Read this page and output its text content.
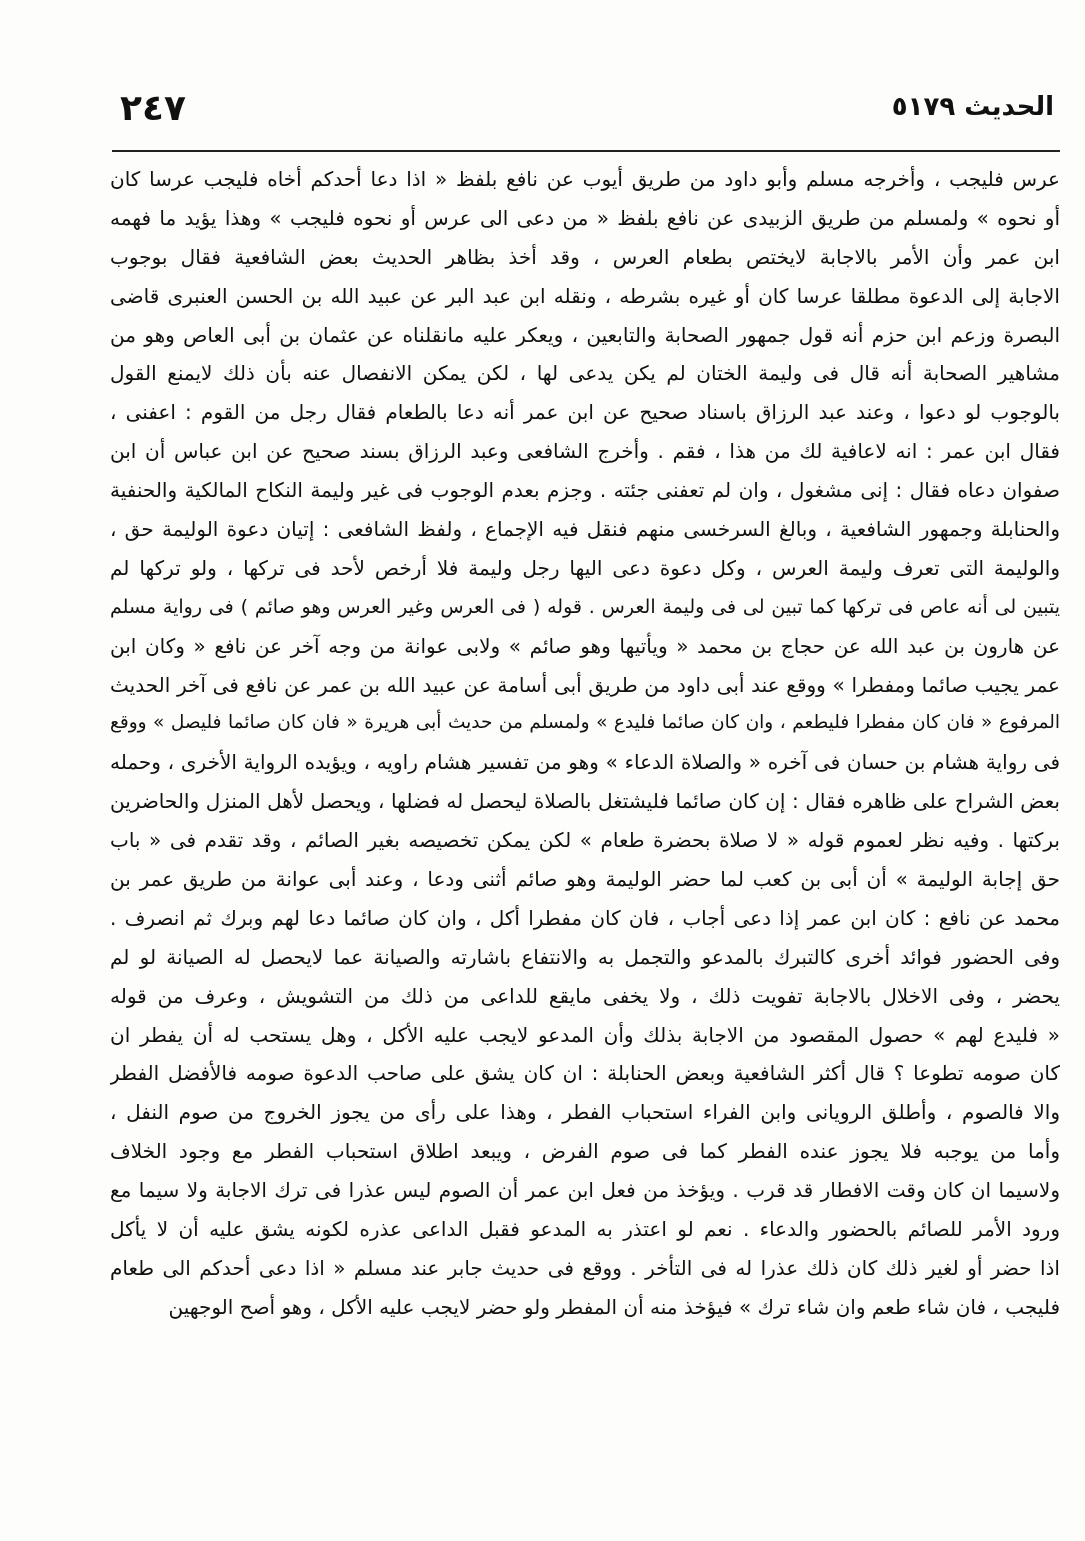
الحديث ٥١٧٩
٢٤٧
عرس فليجب ، وأخرجه مسلم وأبو داود من طريق أيوب عن نافع بلفظ « اذا دعا أحدكم أخاه فليجب عرسا كان
أو نحوه » ولمسلم من طريق الزبيدى عن نافع بلفظ « من دعى الى عرس أو نحوه فليجب » وهذا يؤيد ما فهمه
ابن عمر وأن الأمر بالاجابة لايختص بطعام العرس ، وقد أخذ بظاهر الحديث بعض الشافعية فقال بوجوب
الاجابة إلى الدعوة مطلقا عرسا كان أو غيره بشرطه ، ونقله ابن عبد البر عن عبيد الله بن الحسن العنبرى قاضى
البصرة وزعم ابن حزم أنه قول جمهور الصحابة والتابعين ، ويعكر عليه مانقلناه عن عثمان بن أبى العاص وهو من
مشاهير الصحابة أنه قال فى وليمة الختان لم يكن يدعى لها ، لكن يمكن الانفصال عنه بأن ذلك لايمنع القول
بالوجوب لو دعوا ، وعند عبد الرزاق باسناد صحيح عن ابن عمر أنه دعا بالطعام فقال رجل من القوم : اعفنى ،
فقال ابن عمر : انه لاعافية لك من هذا ، فقم . وأخرج الشافعى وعبد الرزاق بسند صحيح عن ابن عباس أن ابن
صفوان دعاه فقال : إنى مشغول ، وان لم تعفنى جئته . وجزم بعدم الوجوب فى غير وليمة النكاح المالكية والحنفية
والحنابلة وجمهور الشافعية ، وبالغ السرخسى منهم فنقل فيه الإجماع ، ولفظ الشافعى : إتيان دعوة الوليمة حق ،
والوليمة التى تعرف وليمة العرس ، وكل دعوة دعى اليها رجل وليمة فلا أرخص لأحد فى تركها ، ولو تركها لم
يتبين لى أنه عاص فى تركها كما تبين لى فى وليمة العرس . قوله ( فى العرس وغير العرس وهو صائم ) فى رواية مسلم
عن هارون بن عبد الله عن حجاج بن محمد « ويأتيها وهو صائم » ولابى عوانة من وجه آخر عن نافع « وكان ابن
عمر يجيب صائما ومفطرا » ووقع عند أبى داود من طريق أبى أسامة عن عبيد الله بن عمر عن نافع فى آخر الحديث
المرفوع « فان كان مفطرا فليطعم ، وان كان صائما فليدع » ولمسلم من حديث أبى هريرة « فان كان صائما فليصل » ووقع
فى رواية هشام بن حسان فى آخره « والصلاة الدعاء » وهو من تفسير هشام راويه ، ويؤيده الرواية الأخرى ، وحمله
بعض الشراح على ظاهره فقال : إن كان صائما فليشتغل بالصلاة ليحصل له فضلها ، ويحصل لأهل المنزل والحاضرين
بركتها . وفيه نظر لعموم قوله « لا صلاة بحضرة طعام » لكن يمكن تخصيصه بغير الصائم ، وقد تقدم فى « باب
حق إجابة الوليمة » أن أبى بن كعب لما حضر الوليمة وهو صائم أثنى ودعا ، وعند أبى عوانة من طريق عمر بن
محمد عن نافع : كان ابن عمر إذا دعى أجاب ، فان كان مفطرا أكل ، وان كان صائما دعا لهم وبرك ثم انصرف .
وفى الحضور فوائد أخرى كالتبرك بالمدعو والتجمل به والانتفاع باشارته والصيانة عما لايحصل له الصيانة لو لم
يحضر ، وفى الاخلال بالاجابة تفويت ذلك ، ولا يخفى مايقع للداعى من ذلك من التشويش ، وعرف من قوله
« فليدع لهم » حصول المقصود من الاجابة بذلك وأن المدعو لايجب عليه الأكل ، وهل يستحب له أن يفطر ان
كان صومه تطوعا ؟ قال أكثر الشافعية وبعض الحنابلة : ان كان يشق على صاحب الدعوة صومه فالأفضل الفطر
والا فالصوم ، وأطلق الرويانى وابن الفراء استحباب الفطر ، وهذا على رأى من يجوز الخروج من صوم النفل ،
وأما من يوجبه فلا يجوز عنده الفطر كما فى صوم الفرض ، ويبعد اطلاق استحباب الفطر مع وجود الخلاف
ولاسيما ان كان وقت الافطار قد قرب . ويؤخذ من فعل ابن عمر أن الصوم ليس عذرا فى ترك الاجابة ولا سيما مع
ورود الأمر للصائم بالحضور والدعاء . نعم لو اعتذر به المدعو فقبل الداعى عذره لكونه يشق عليه أن لا يأكل
اذا حضر أو لغير ذلك كان ذلك عذرا له فى التأخر . ووقع فى حديث جابر عند مسلم « اذا دعى أحدكم الى طعام
فليجب ، فان شاء طعم وان شاء ترك » فيؤخذ منه أن المفطر ولو حضر لايجب عليه الأكل ، وهو أصح الوجهين
